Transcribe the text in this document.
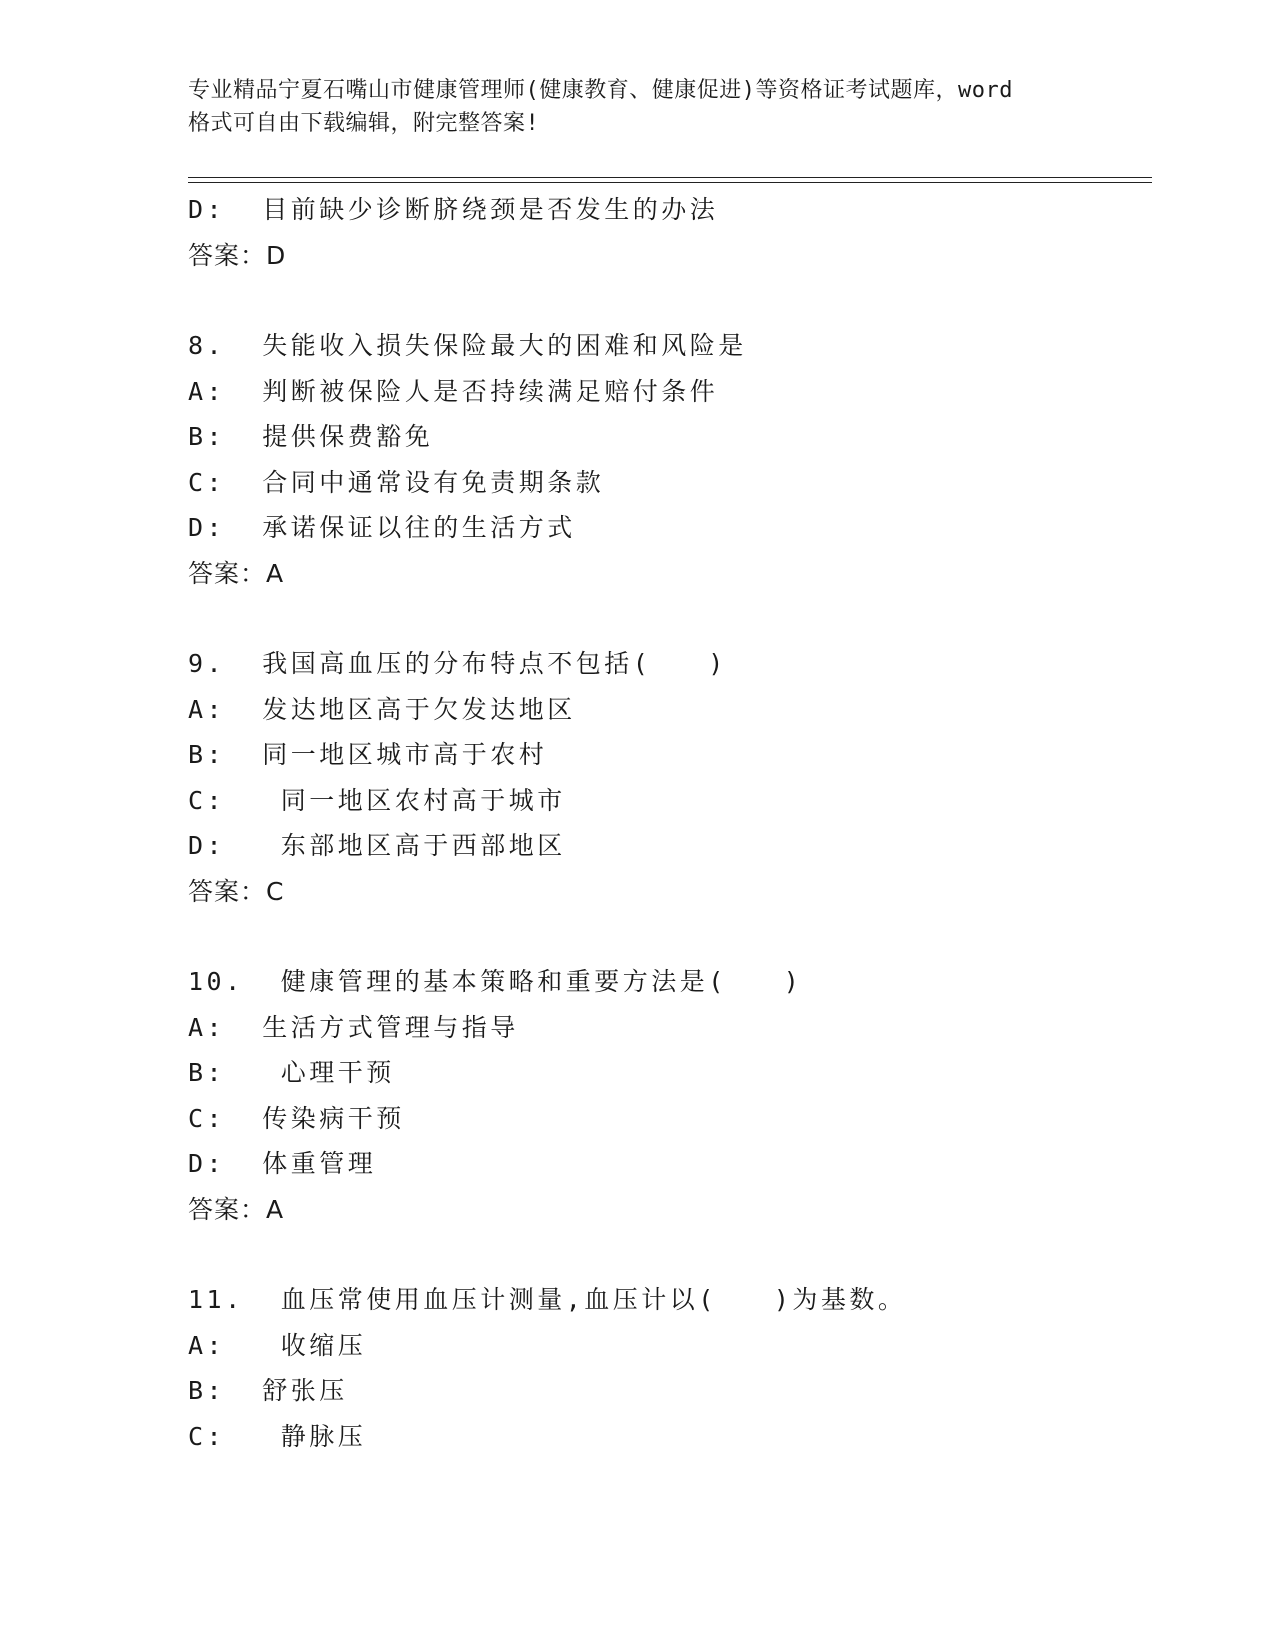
专业精品宁夏石嘴山市健康管理师(健康教育、健康促进)等资格证考试题库，word
格式可自由下载编辑，附完整答案!
D:  目前缺少诊断脐绕颈是否发生的办法
答案：D
8.  失能收入损失保险最大的困难和风险是
A:  判断被保险人是否持续满足赔付条件
B:  提供保费豁免
C:  合同中通常设有免责期条款
D:  承诺保证以往的生活方式
答案：A
9.  我国高血压的分布特点不包括(　　)
A:  发达地区高于欠发达地区
B:  同一地区城市高于农村
C:   同一地区农村高于城市
D:   东部地区高于西部地区
答案：C
10.  健康管理的基本策略和重要方法是(　　)
A:  生活方式管理与指导
B:   心理干预
C:  传染病干预
D:  体重管理
答案：A
11.  血压常使用血压计测量,血压计以(　　)为基数。
A:   收缩压
B:  舒张压
C:   静脉压
